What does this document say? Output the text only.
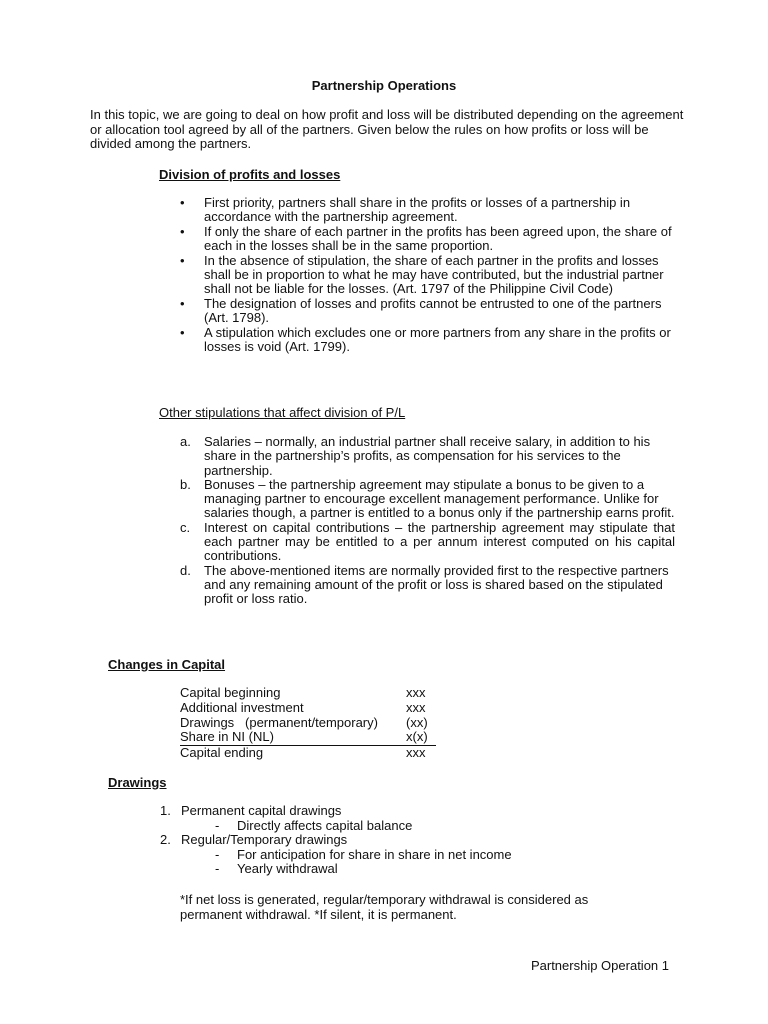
Partnership Operations

In this topic, we are going to deal on how profit and loss will be distributed depending on the agreement or allocation tool agreed by all of the partners. Given below the rules on how profits or loss will be divided among the partners.

Division of profits and losses

•	First priority, partners shall share in the profits or losses of a partnership in accordance with the partnership agreement.
•	If only the share of each partner in the profits has been agreed upon, the share of each in the losses shall be in the same proportion.
•	In the absence of stipulation, the share of each partner in the profits and losses shall be in proportion to what he may have contributed, but the industrial partner shall not be liable for the losses. (Art. 1797 of the Philippine Civil Code)
•	The designation of losses and profits cannot be entrusted to one of the partners (Art. 1798).
•	A stipulation which excludes one or more partners from any share in the profits or losses is void (Art. 1799).

Other stipulations that affect division of P/L

a. Salaries – normally, an industrial partner shall receive salary, in addition to his share in the partnership’s profits, as compensation for his services to the partnership.
b. Bonuses – the partnership agreement may stipulate a bonus to be given to a managing partner to encourage excellent management performance. Unlike for salaries though, a partner is entitled to a bonus only if the partnership earns profit.
c. Interest on capital contributions – the partnership agreement may stipulate that each partner may be entitled to a per annum interest computed on his capital contributions.
d. The above-mentioned items are normally provided first to the respective partners and any remaining amount of the profit or loss is shared based on the stipulated profit or loss ratio.

Changes in Capital

Capital beginning	xxx
Additional investment	xxx
Drawings   (permanent/temporary)	(xx)
Share in NI (NL)	x(x)
Capital ending	xxx

Drawings

1. Permanent capital drawings
- Directly affects capital balance
2. Regular/Temporary drawings
- For anticipation for share in share in net income
- Yearly withdrawal

*If net loss is generated, regular/temporary withdrawal is considered as permanent withdrawal. *If silent, it is permanent.

Partnership Operation 1
